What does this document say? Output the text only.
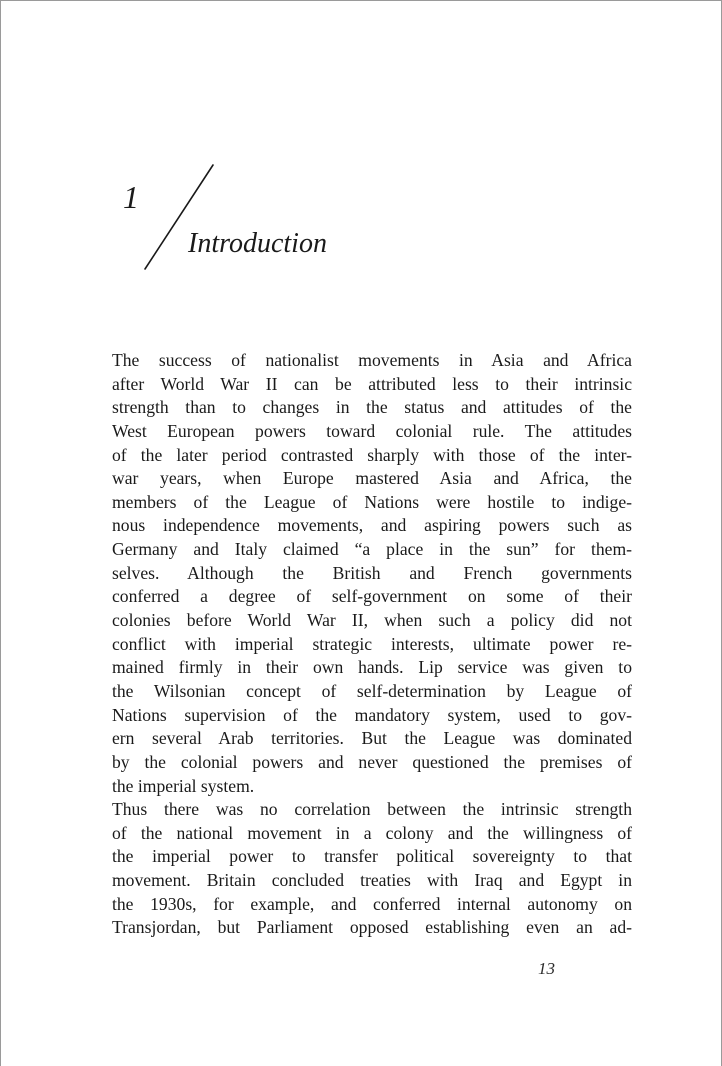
1
Introduction
The success of nationalist movements in Asia and Africa
after World War II can be attributed less to their intrinsic
strength than to changes in the status and attitudes of the
West European powers toward colonial rule. The attitudes
of the later period contrasted sharply with those of the inter-
war years, when Europe mastered Asia and Africa, the
members of the League of Nations were hostile to indige-
nous independence movements, and aspiring powers such as
Germany and Italy claimed “a place in the sun” for them-
selves. Although the British and French governments
conferred a degree of self-government on some of their
colonies before World War II, when such a policy did not
conflict with imperial strategic interests, ultimate power re-
mained firmly in their own hands. Lip service was given to
the Wilsonian concept of self-determination by League of
Nations supervision of the mandatory system, used to gov-
ern several Arab territories. But the League was dominated
by the colonial powers and never questioned the premises of
the imperial system.
Thus there was no correlation between the intrinsic strength
of the national movement in a colony and the willingness of
the imperial power to transfer political sovereignty to that
movement. Britain concluded treaties with Iraq and Egypt in
the 1930s, for example, and conferred internal autonomy on
Transjordan, but Parliament opposed establishing even an ad-
13
